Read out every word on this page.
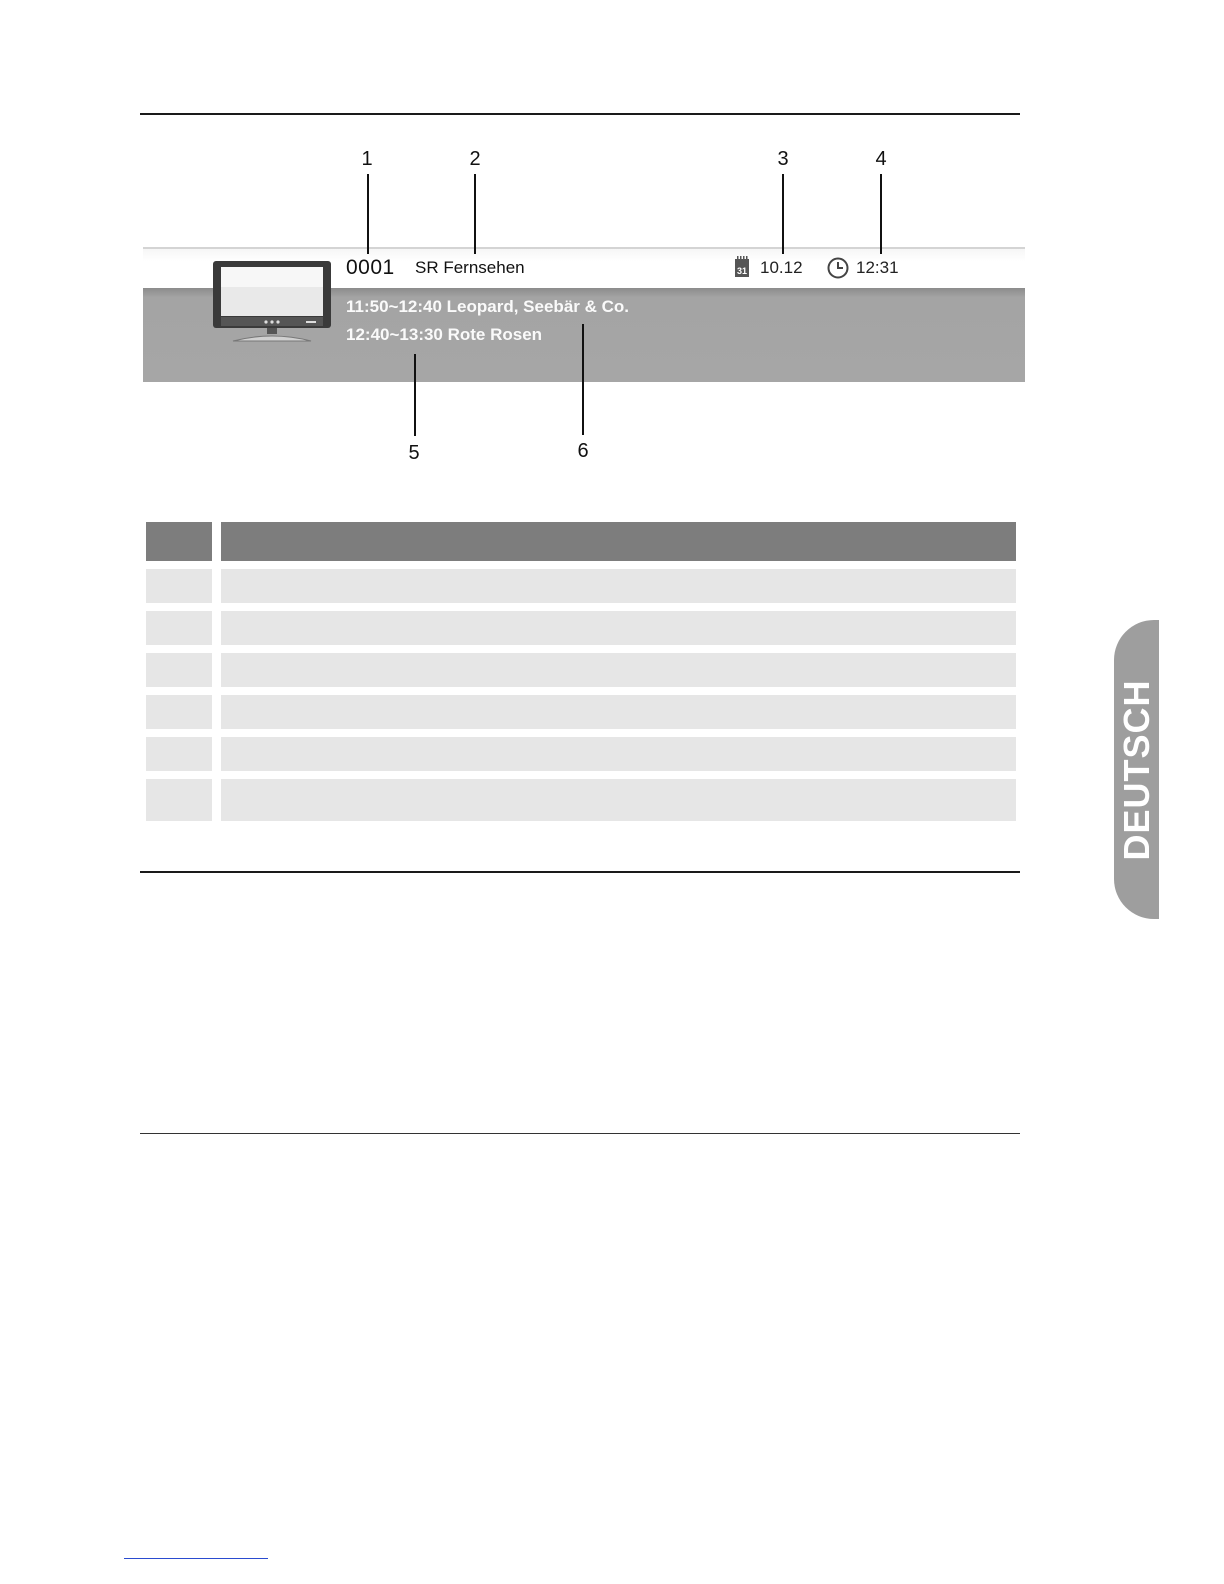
1	2	3	4
5	6
0001 SR Fernsehen	31 10.12	12:31
11:50~12:40 Leopard, Seebär & Co.
12:40~13:30 Rote Rosen
DEUTSCH
